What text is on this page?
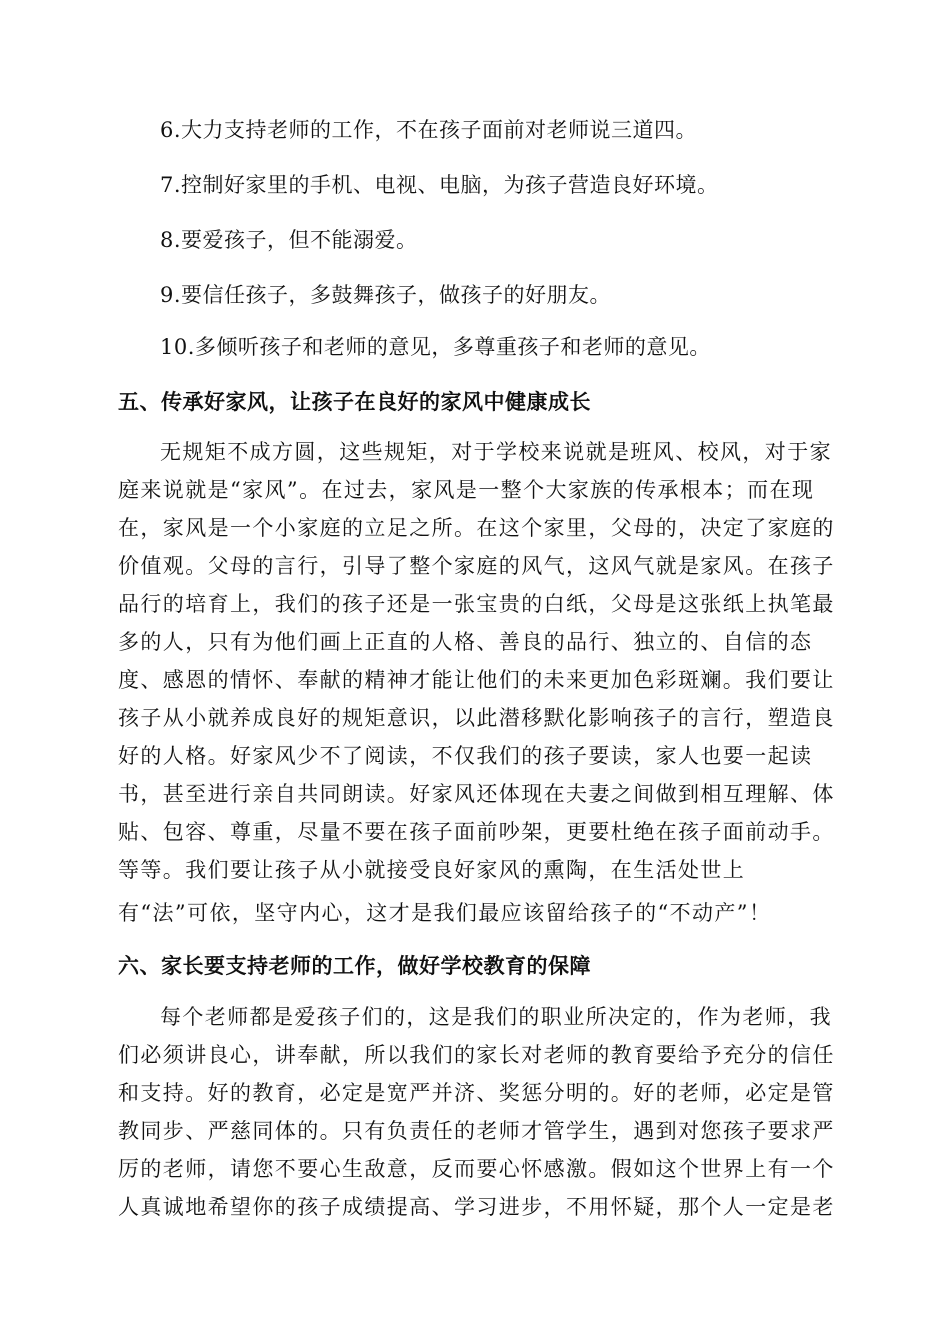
6.大力支持老师的工作，不在孩子面前对老师说三道四。
7.控制好家里的手机、电视、电脑，为孩子营造良好环境。
8.要爱孩子，但不能溺爱。
9.要信任孩子，多鼓舞孩子，做孩子的好朋友。
10.多倾听孩子和老师的意见，多尊重孩子和老师的意见。
五、传承好家风，让孩子在良好的家风中健康成长
无规矩不成方圆，这些规矩，对于学校来说就是班风、校风，对于家
庭来说就是“家风”。在过去，家风是一整个大家族的传承根本；而在现
在，家风是一个小家庭的立足之所。在这个家里，父母的，决定了家庭的
价值观。父母的言行，引导了整个家庭的风气，这风气就是家风。在孩子
品行的培育上，我们的孩子还是一张宝贵的白纸，父母是这张纸上执笔最
多的人，只有为他们画上正直的人格、善良的品行、独立的、自信的态
度、感恩的情怀、奉献的精神才能让他们的未来更加色彩斑斓。我们要让
孩子从小就养成良好的规矩意识，以此潜移默化影响孩子的言行，塑造良
好的人格。好家风少不了阅读，不仅我们的孩子要读，家人也要一起读
书，甚至进行亲自共同朗读。好家风还体现在夫妻之间做到相互理解、体
贴、包容、尊重，尽量不要在孩子面前吵架，更要杜绝在孩子面前动手。
等等。我们要让孩子从小就接受良好家风的熏陶，在生活处世上
有“法”可依，坚守内心，这才是我们最应该留给孩子的“不动产”！
六、家长要支持老师的工作，做好学校教育的保障
每个老师都是爱孩子们的，这是我们的职业所决定的，作为老师，我
们必须讲良心，讲奉献，所以我们的家长对老师的教育要给予充分的信任
和支持。好的教育，必定是宽严并济、奖惩分明的。好的老师，必定是管
教同步、严慈同体的。只有负责任的老师才管学生，遇到对您孩子要求严
厉的老师，请您不要心生敌意，反而要心怀感激。假如这个世界上有一个
人真诚地希望你的孩子成绩提高、学习进步，不用怀疑，那个人一定是老
